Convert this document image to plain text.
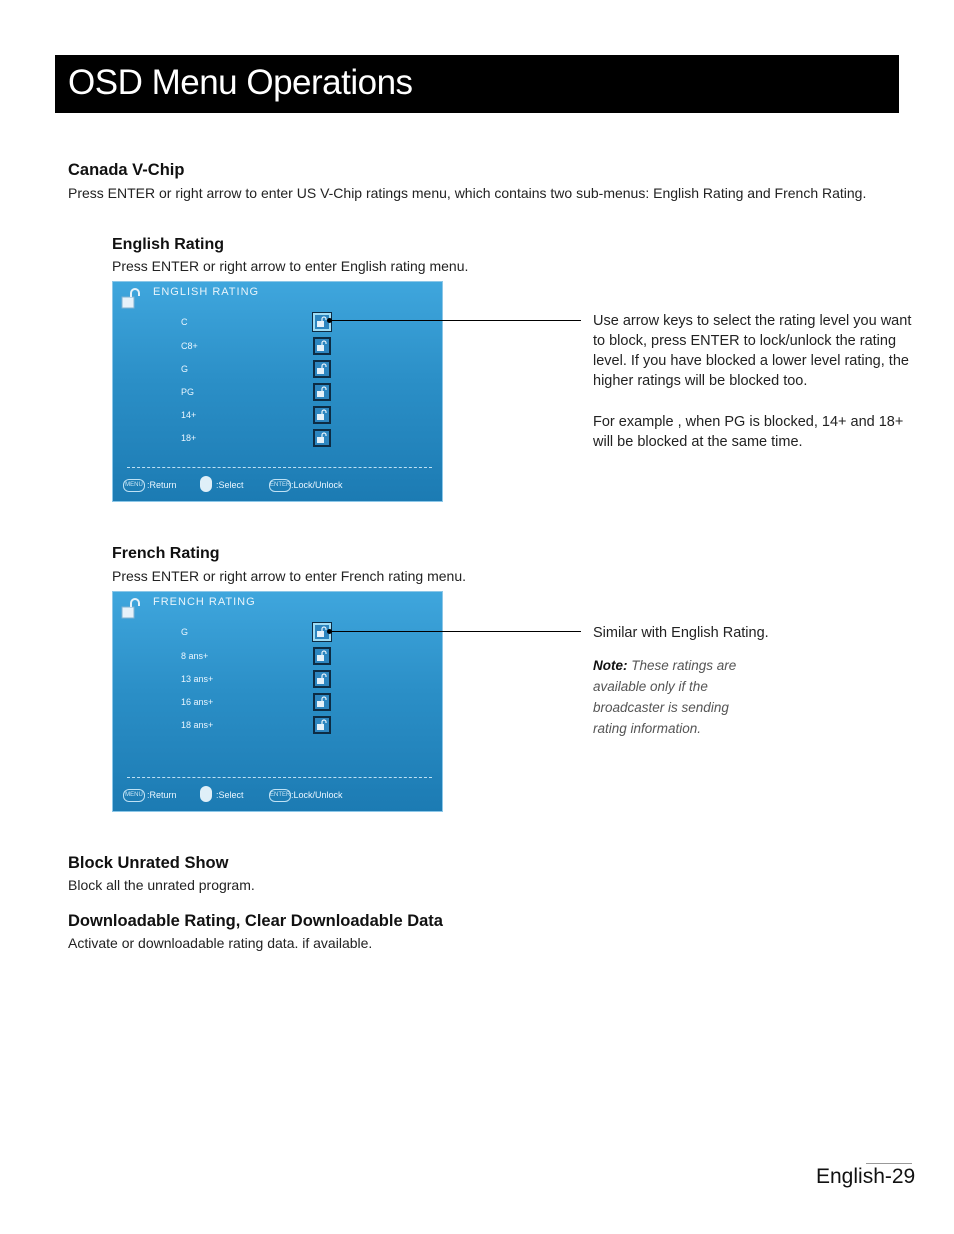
OSD Menu Operations
Canada V-Chip
Press ENTER or right arrow to enter US V-Chip ratings menu, which contains two sub-menus: English Rating and French Rating.
English Rating
Press ENTER or right arrow to enter English rating menu.
ENGLISH RATING
C
C8+
G
PG
14+
18+
MENU :Return	:Select	ENTER :Lock/Unlock
Use arrow keys to select the rating level you want to block, press ENTER to lock/unlock the rating level. If you have blocked a lower level rating, the higher ratings will be blocked too.
For example , when PG is blocked, 14+ and 18+ will be blocked at the same time.
French Rating
Press ENTER or right arrow to enter French rating menu.
FRENCH RATING
G
8 ans+
13 ans+
16 ans+
18 ans+
MENU :Return	:Select	ENTER :Lock/Unlock
Similar with English Rating.
Note: These ratings are available only if the broadcaster is sending rating information.
Block Unrated Show
Block all the unrated program.
Downloadable Rating, Clear Downloadable Data
Activate or downloadable rating data. if available.
English-29
